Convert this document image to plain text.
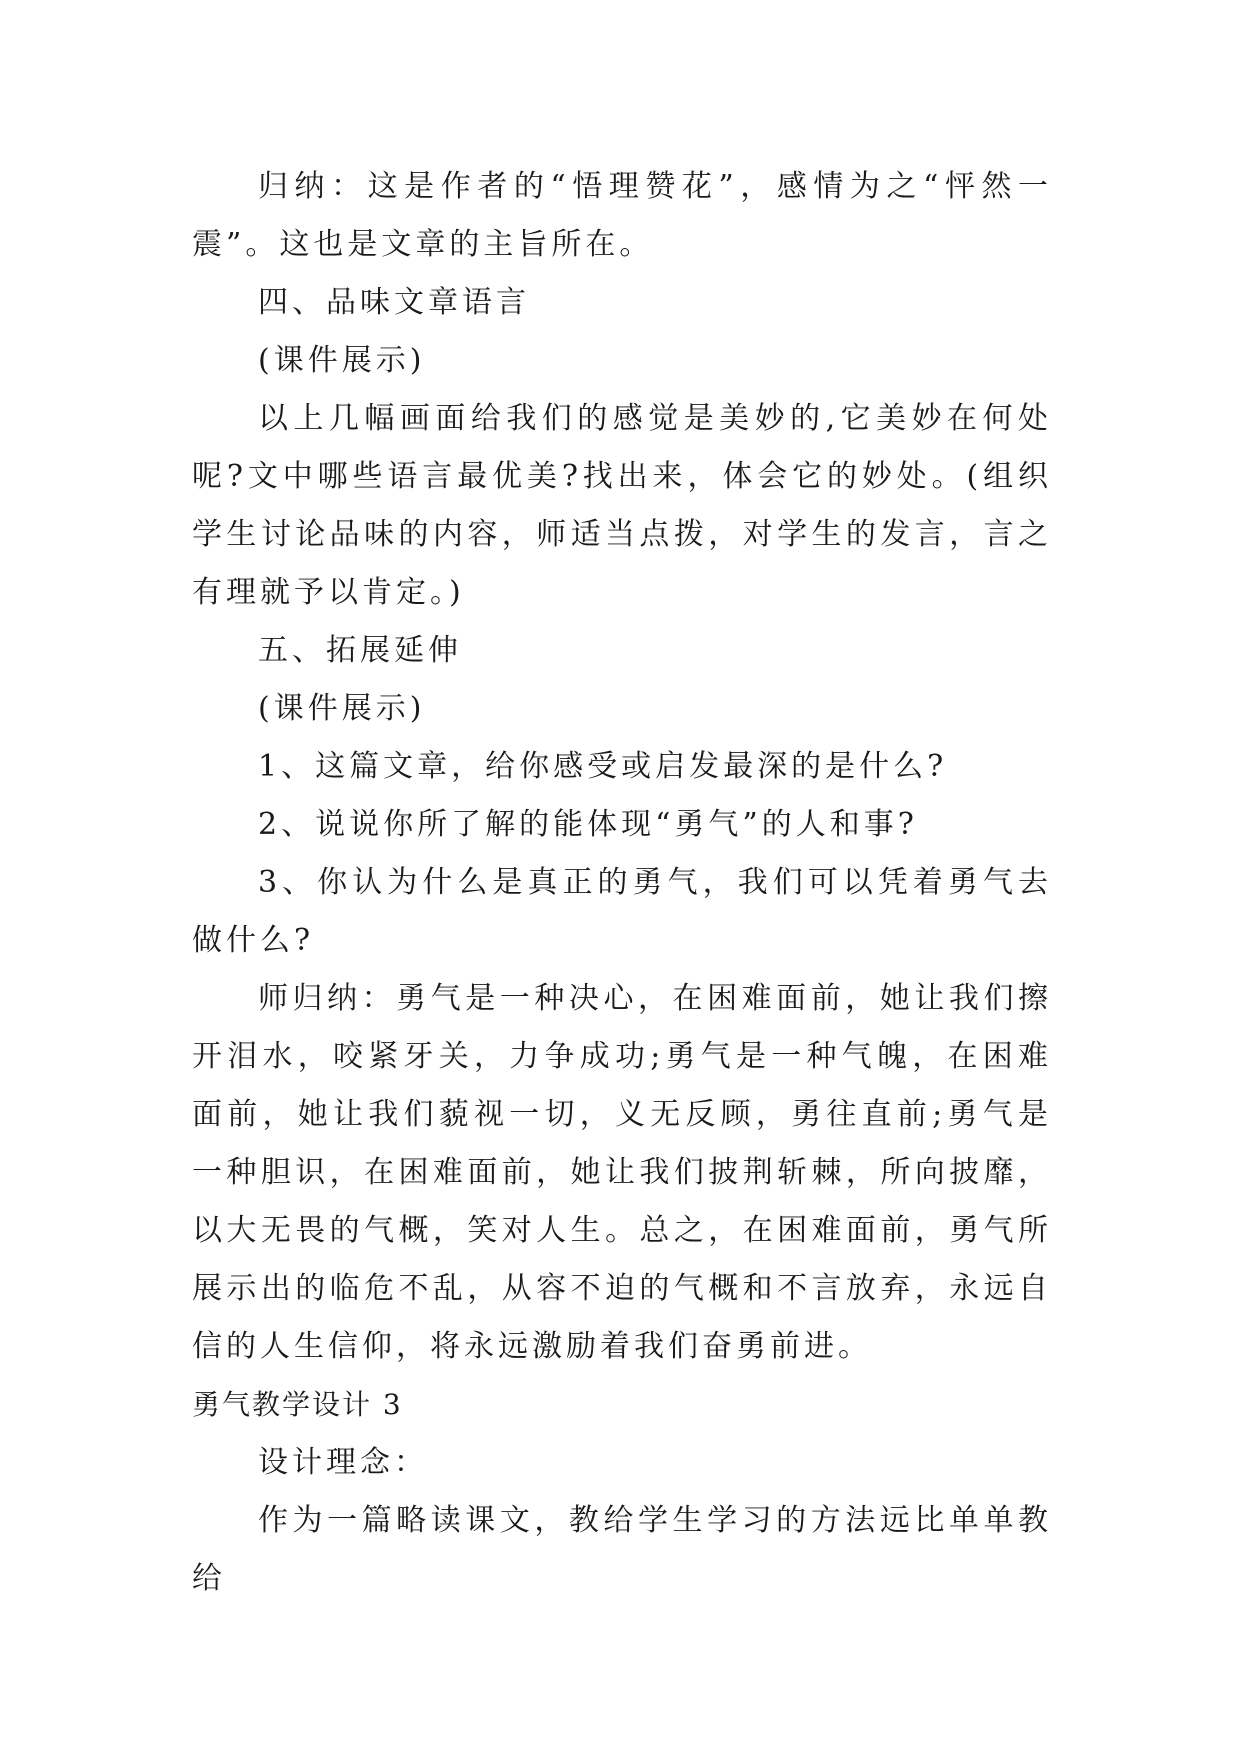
归纳：这是作者的“悟理赞花”，感情为之“怦然一震”。这也是文章的主旨所在。

四、品味文章语言

(课件展示)

以上几幅画面给我们的感觉是美妙的,它美妙在何处呢?文中哪些语言最优美?找出来，体会它的妙处。(组织学生讨论品味的内容，师适当点拨，对学生的发言，言之有理就予以肯定。)

五、拓展延伸

(课件展示)

1、这篇文章，给你感受或启发最深的是什么?

2、说说你所了解的能体现“勇气”的人和事?

3、你认为什么是真正的勇气，我们可以凭着勇气去做什么?

师归纳：勇气是一种决心，在困难面前，她让我们擦开泪水，咬紧牙关，力争成功;勇气是一种气魄，在困难面前，她让我们藐视一切，义无反顾，勇往直前;勇气是一种胆识，在困难面前，她让我们披荆斩棘，所向披靡，以大无畏的气概，笑对人生。总之，在困难面前，勇气所展示出的临危不乱，从容不迫的气概和不言放弃，永远自信的人生信仰，将永远激励着我们奋勇前进。

勇气教学设计 3

设计理念：

作为一篇略读课文，教给学生学习的方法远比单单教给
